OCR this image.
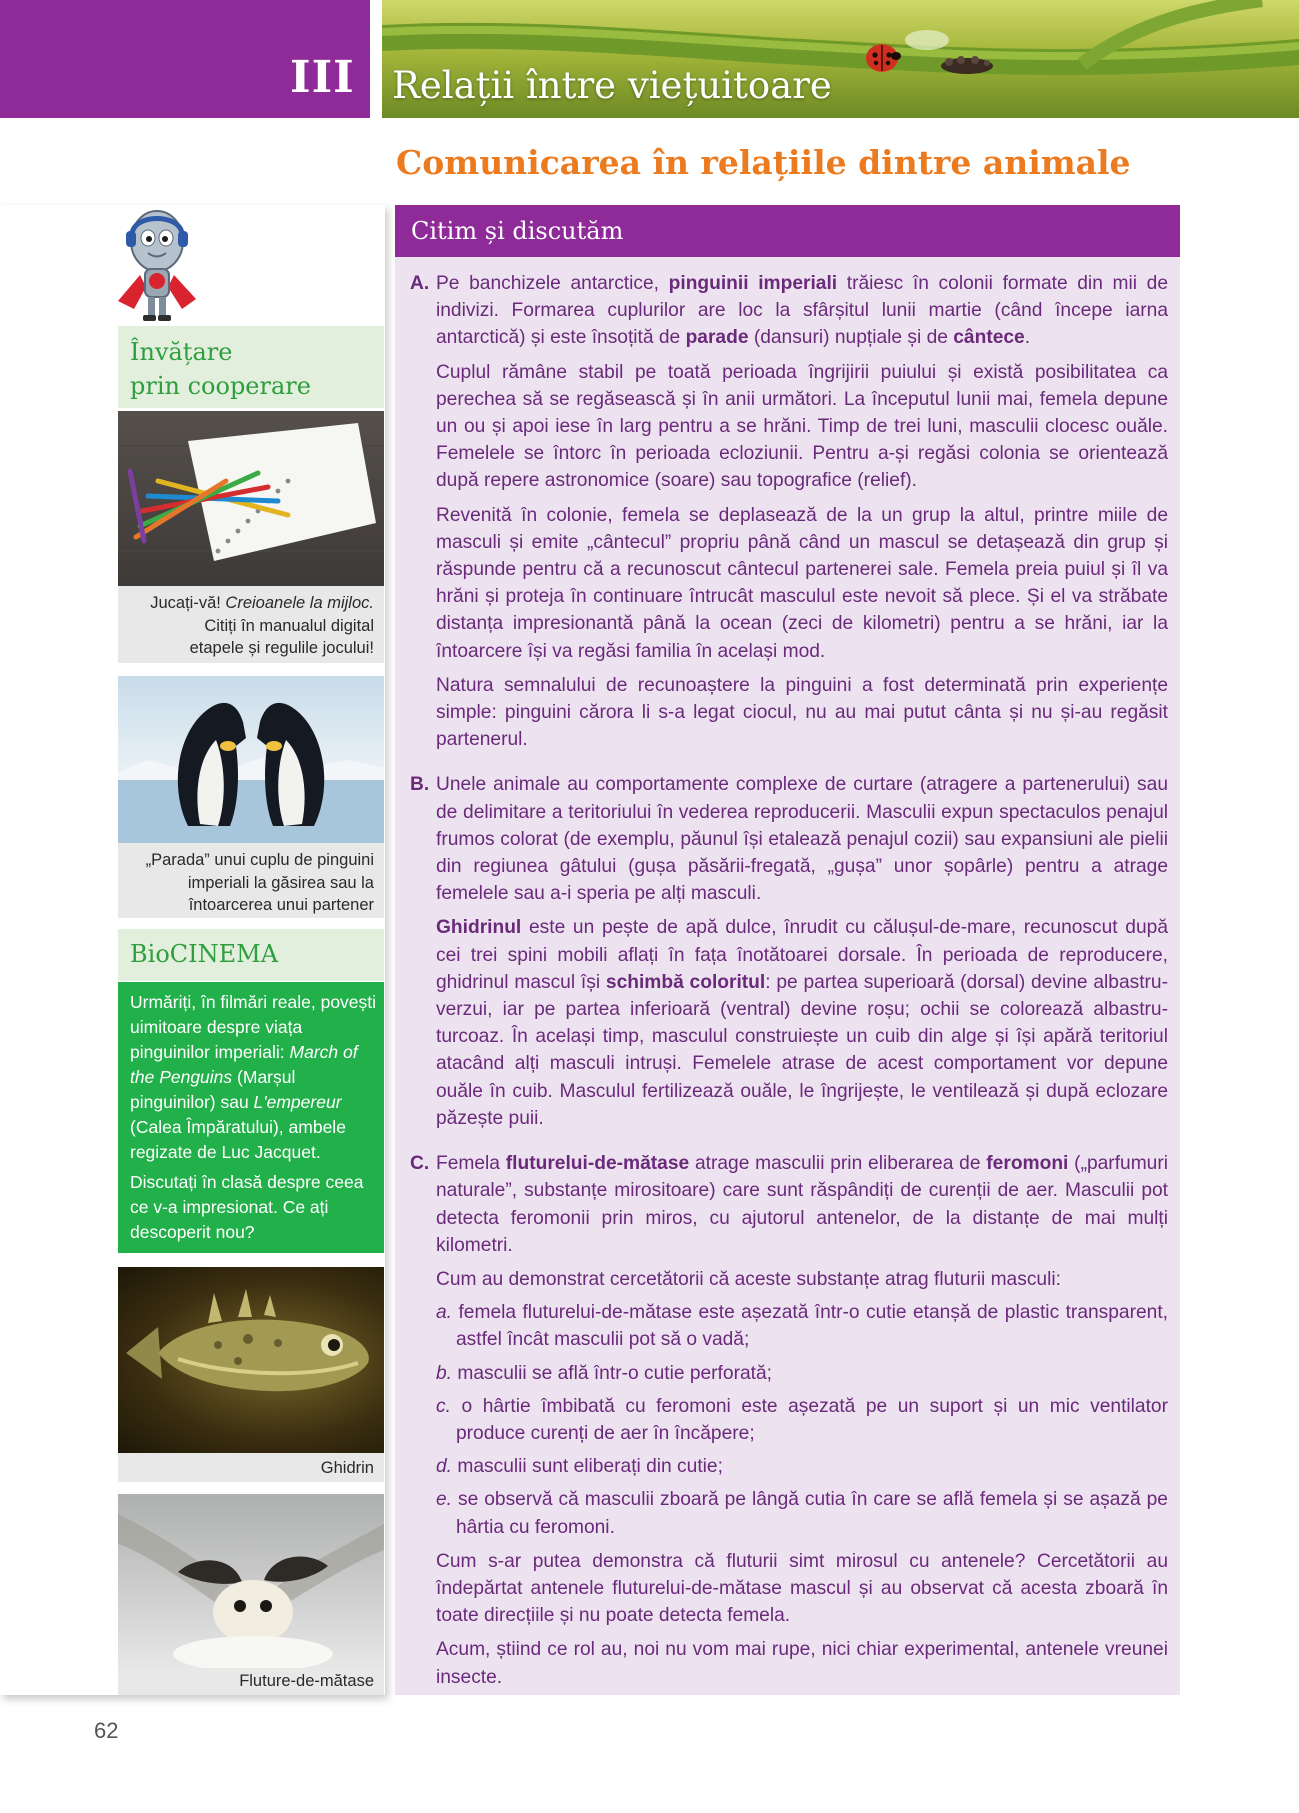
III Relații între viețuitoare
Comunicarea în relațiile dintre animale
Învățare
prin cooperare
Jucați-vă! Creioanele la mijloc.
Citiți în manualul digital
etapele și regulile jocului!
„Parada” unui cuplu de pinguini
imperiali la găsirea sau la
întoarcerea unui partener
BioCINEMA

Urmăriți, în filmări reale, povești uimitoare despre viața pinguinilor imperiali: March of the Penguins (Marșul pinguinilor) sau L'empereur (Calea Împăratului), ambele regizate de Luc Jacquet.

Discutați în clasă despre ceea ce v-a impresionat. Ce ați descoperit nou?

Ghidrin
Fluture-de-mătase
Citim și discutăm

A. Pe banchizele antarctice, pinguinii imperiali trăiesc în colonii formate din mii de indivizi. Formarea cuplurilor are loc la sfârșitul lunii martie (când începe iarna antarctică) și este însoțită de parade (dansuri) nupțiale și de cântece.

Cuplul rămâne stabil pe toată perioada îngrijirii puiului și există posibilitatea ca perechea să se regăsească și în anii următori. La începutul lunii mai, femela depune un ou și apoi iese în larg pentru a se hrăni. Timp de trei luni, masculii clocesc ouăle. Femelele se întorc în perioada ecloziunii. Pentru a-și regăsi colonia se orientează după repere astronomice (soare) sau topografice (relief).

Revenită în colonie, femela se deplasează de la un grup la altul, printre miile de masculi și emite „cântecul” propriu până când un mascul se detașează din grup și răspunde pentru că a recunoscut cântecul partenerei sale. Femela preia puiul și îl va hrăni și proteja în continuare întrucât masculul este nevoit să plece. Și el va străbate distanța impresionantă până la ocean (zeci de kilometri) pentru a se hrăni, iar la întoarcere își va regăsi familia în același mod.

Natura semnalului de recunoaștere la pinguini a fost determinată prin experiențe simple: pinguini cărora li s-a legat ciocul, nu au mai putut cânta și nu și-au regăsit partenerul.

B. Unele animale au comportamente complexe de curtare (atragere a partenerului) sau de delimitare a teritoriului în vederea reproducerii. Masculii expun spectaculos penajul frumos colorat (de exemplu, păunul își etalează penajul cozii) sau expansiuni ale pielii din regiunea gâtului (gușa păsării-fregată, „gușa” unor șopârle) pentru a atrage femelele sau a-i speria pe alți masculi.

Ghidrinul este un pește de apă dulce, înrudit cu călușul-de-mare, recunoscut după cei trei spini mobili aflați în fața înotătoarei dorsale. În perioada de reproducere, ghidrinul mascul își schimbă coloritul: pe partea superioară (dorsal) devine albastru-verzui, iar pe partea inferioară (ventral) devine roșu; ochii se colorează albastru-turcoaz. În același timp, masculul construiește un cuib din alge și își apără teritoriul atacând alți masculi intruși. Femelele atrase de acest comportament vor depune ouăle în cuib. Masculul fertilizează ouăle, le îngrijește, le ventilează și după eclozare păzește puii.

C. Femela fluturelui-de-mătase atrage masculii prin eliberarea de feromoni („parfumuri naturale”, substanțe mirositoare) care sunt răspândiți de curenții de aer. Masculii pot detecta feromonii prin miros, cu ajutorul antenelor, de la distanțe de mai mulți kilometri.

Cum au demonstrat cercetătorii că aceste substanțe atrag fluturii masculi:

a. femela fluturelui-de-mătase este așezată într-o cutie etanșă de plastic transparent, astfel încât masculii pot să o vadă;

b. masculii se află într-o cutie perforată;

c. o hârtie îmbibată cu feromoni este așezată pe un suport și un mic ventilator produce curenți de aer în încăpere;

d. masculii sunt eliberați din cutie;

e. se observă că masculii zboară pe lângă cutia în care se află femela și se așază pe hârtia cu feromoni.

Cum s-ar putea demonstra că fluturii simt mirosul cu antenele? Cercetătorii au îndepărtat antenele fluturelui-de-mătase mascul și au observat că acesta zboară în toate direcțiile și nu poate detecta femela.

Acum, știind ce rol au, noi nu vom mai rupe, nici chiar experimental, antenele vreunei insecte.

62
